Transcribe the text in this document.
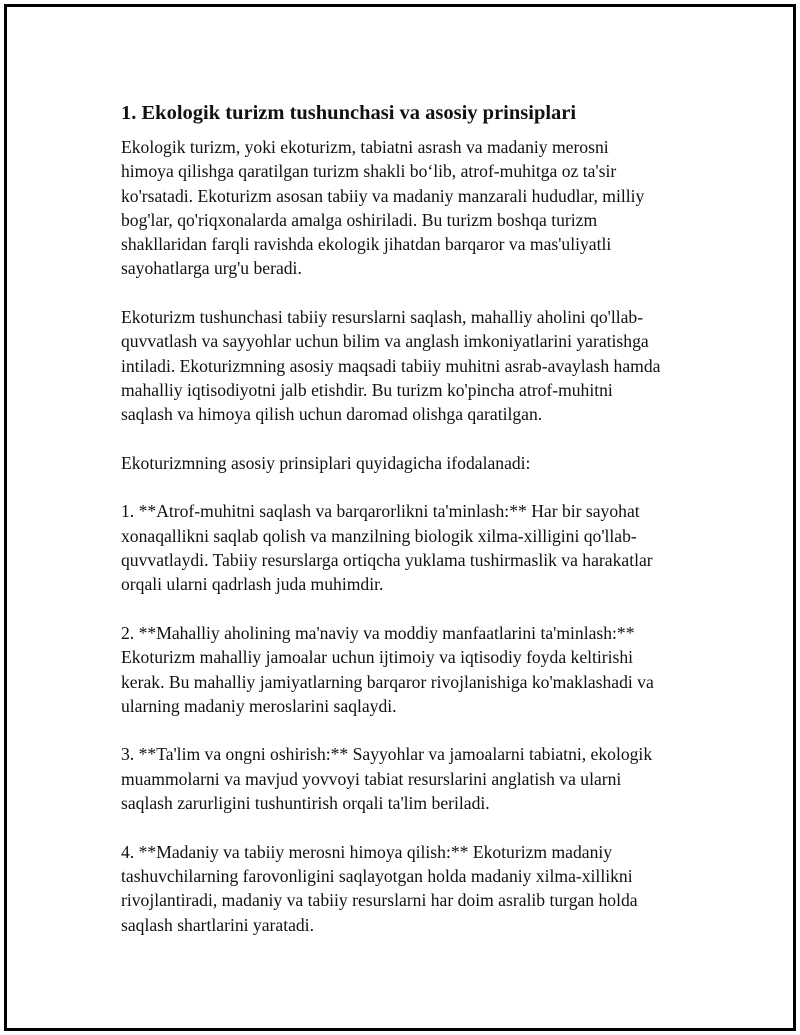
1. Ekologik turizm tushunchasi va asosiy prinsiplari

Ekologik turizm, yoki ekoturizm, tabiatni asrash va madaniy merosni
himoya qilishga qaratilgan turizm shakli bo‘lib, atrof-muhitga oz ta'sir
ko'rsatadi. Ekoturizm asosan tabiiy va madaniy manzarali hududlar, milliy
bog'lar, qo'riqxonalarda amalga oshiriladi. Bu turizm boshqa turizm
shakllaridan farqli ravishda ekologik jihatdan barqaror va mas'uliyatli
sayohatlarga urg'u beradi.

Ekoturizm tushunchasi tabiiy resurslarni saqlash, mahalliy aholini qo'llab-
quvvatlash va sayyohlar uchun bilim va anglash imkoniyatlarini yaratishga
intiladi. Ekoturizmning asosiy maqsadi tabiiy muhitni asrab-avaylash hamda
mahalliy iqtisodiyotni jalb etishdir. Bu turizm ko'pincha atrof-muhitni
saqlash va himoya qilish uchun daromad olishga qaratilgan.

Ekoturizmning asosiy prinsiplari quyidagicha ifodalanadi:

1. **Atrof-muhitni saqlash va barqarorlikni ta'minlash:** Har bir sayohat
xonaqallikni saqlab qolish va manzilning biologik xilma-xilligini qo'llab-
quvvatlaydi. Tabiiy resurslarga ortiqcha yuklama tushirmaslik va harakatlar
orqali ularni qadrlash juda muhimdir.

2. **Mahalliy aholining ma'naviy va moddiy manfaatlarini ta'minlash:**
Ekoturizm mahalliy jamoalar uchun ijtimoiy va iqtisodiy foyda keltirishi
kerak. Bu mahalliy jamiyatlarning barqaror rivojlanishiga ko'maklashadi va
ularning madaniy meroslarini saqlaydi.

3. **Ta'lim va ongni oshirish:** Sayyohlar va jamoalarni tabiatni, ekologik
muammolarni va mavjud yovvoyi tabiat resurslarini anglatish va ularni
saqlash zarurligini tushuntirish orqali ta'lim beriladi.

4. **Madaniy va tabiiy merosni himoya qilish:** Ekoturizm madaniy
tashuvchilarning farovonligini saqlayotgan holda madaniy xilma-xillikni
rivojlantiradi, madaniy va tabiiy resurslarni har doim asralib turgan holda
saqlash shartlarini yaratadi.
